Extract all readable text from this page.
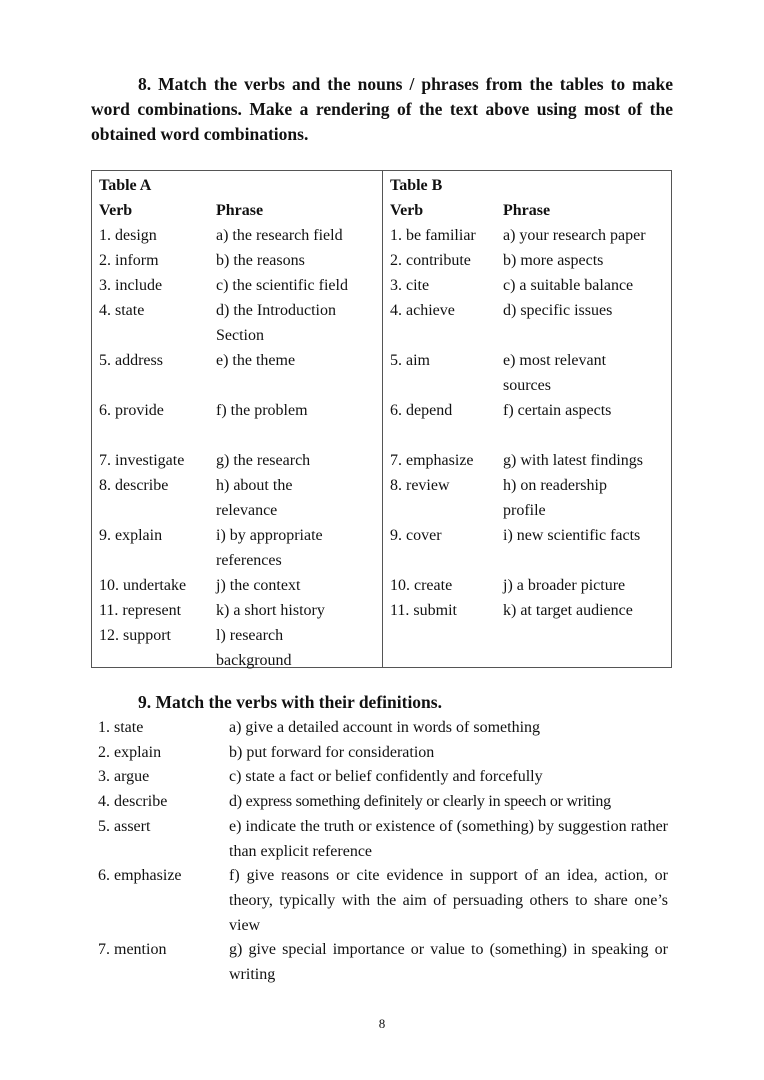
8. Match the verbs and the nouns / phrases from the tables to make word combinations. Make a rendering of the text above using most of the obtained word combinations.
Table A
Verb	Phrase
1. design	a) the research field
2. inform	b) the reasons
3. include	c) the scientific field
4. state	d) the Introduction Section
5. address	e) the theme
6. provide	f) the problem
7. investigate	g) the research
8. describe	h) about the relevance
9. explain	i) by appropriate references
10. undertake	j) the context
11. represent	k) a short history
12. support	l) research background
Table B
Verb	Phrase
1. be familiar	a) your research paper
2. contribute	b) more aspects
3. cite	c) a suitable balance
4. achieve	d) specific issues
5. aim	e) most relevant sources
6. depend	f) certain aspects
7. emphasize	g) with latest findings
8. review	h) on readership profile
9. cover	i) new scientific facts
10. create	j) a broader picture
11. submit	k) at target audience
9. Match the verbs with their definitions.
1. state	a) give a detailed account in words of something
2. explain	b) put forward for consideration
3. argue	c) state a fact or belief confidently and forcefully
4. describe	d) express something definitely or clearly in speech or writing
5. assert	e) indicate the truth or existence of (something) by suggestion rather than explicit reference
6. emphasize	f) give reasons or cite evidence in support of an idea, action, or theory, typically with the aim of persuading others to share one’s view
7. mention	g) give special importance or value to (something) in speaking or writing
8
